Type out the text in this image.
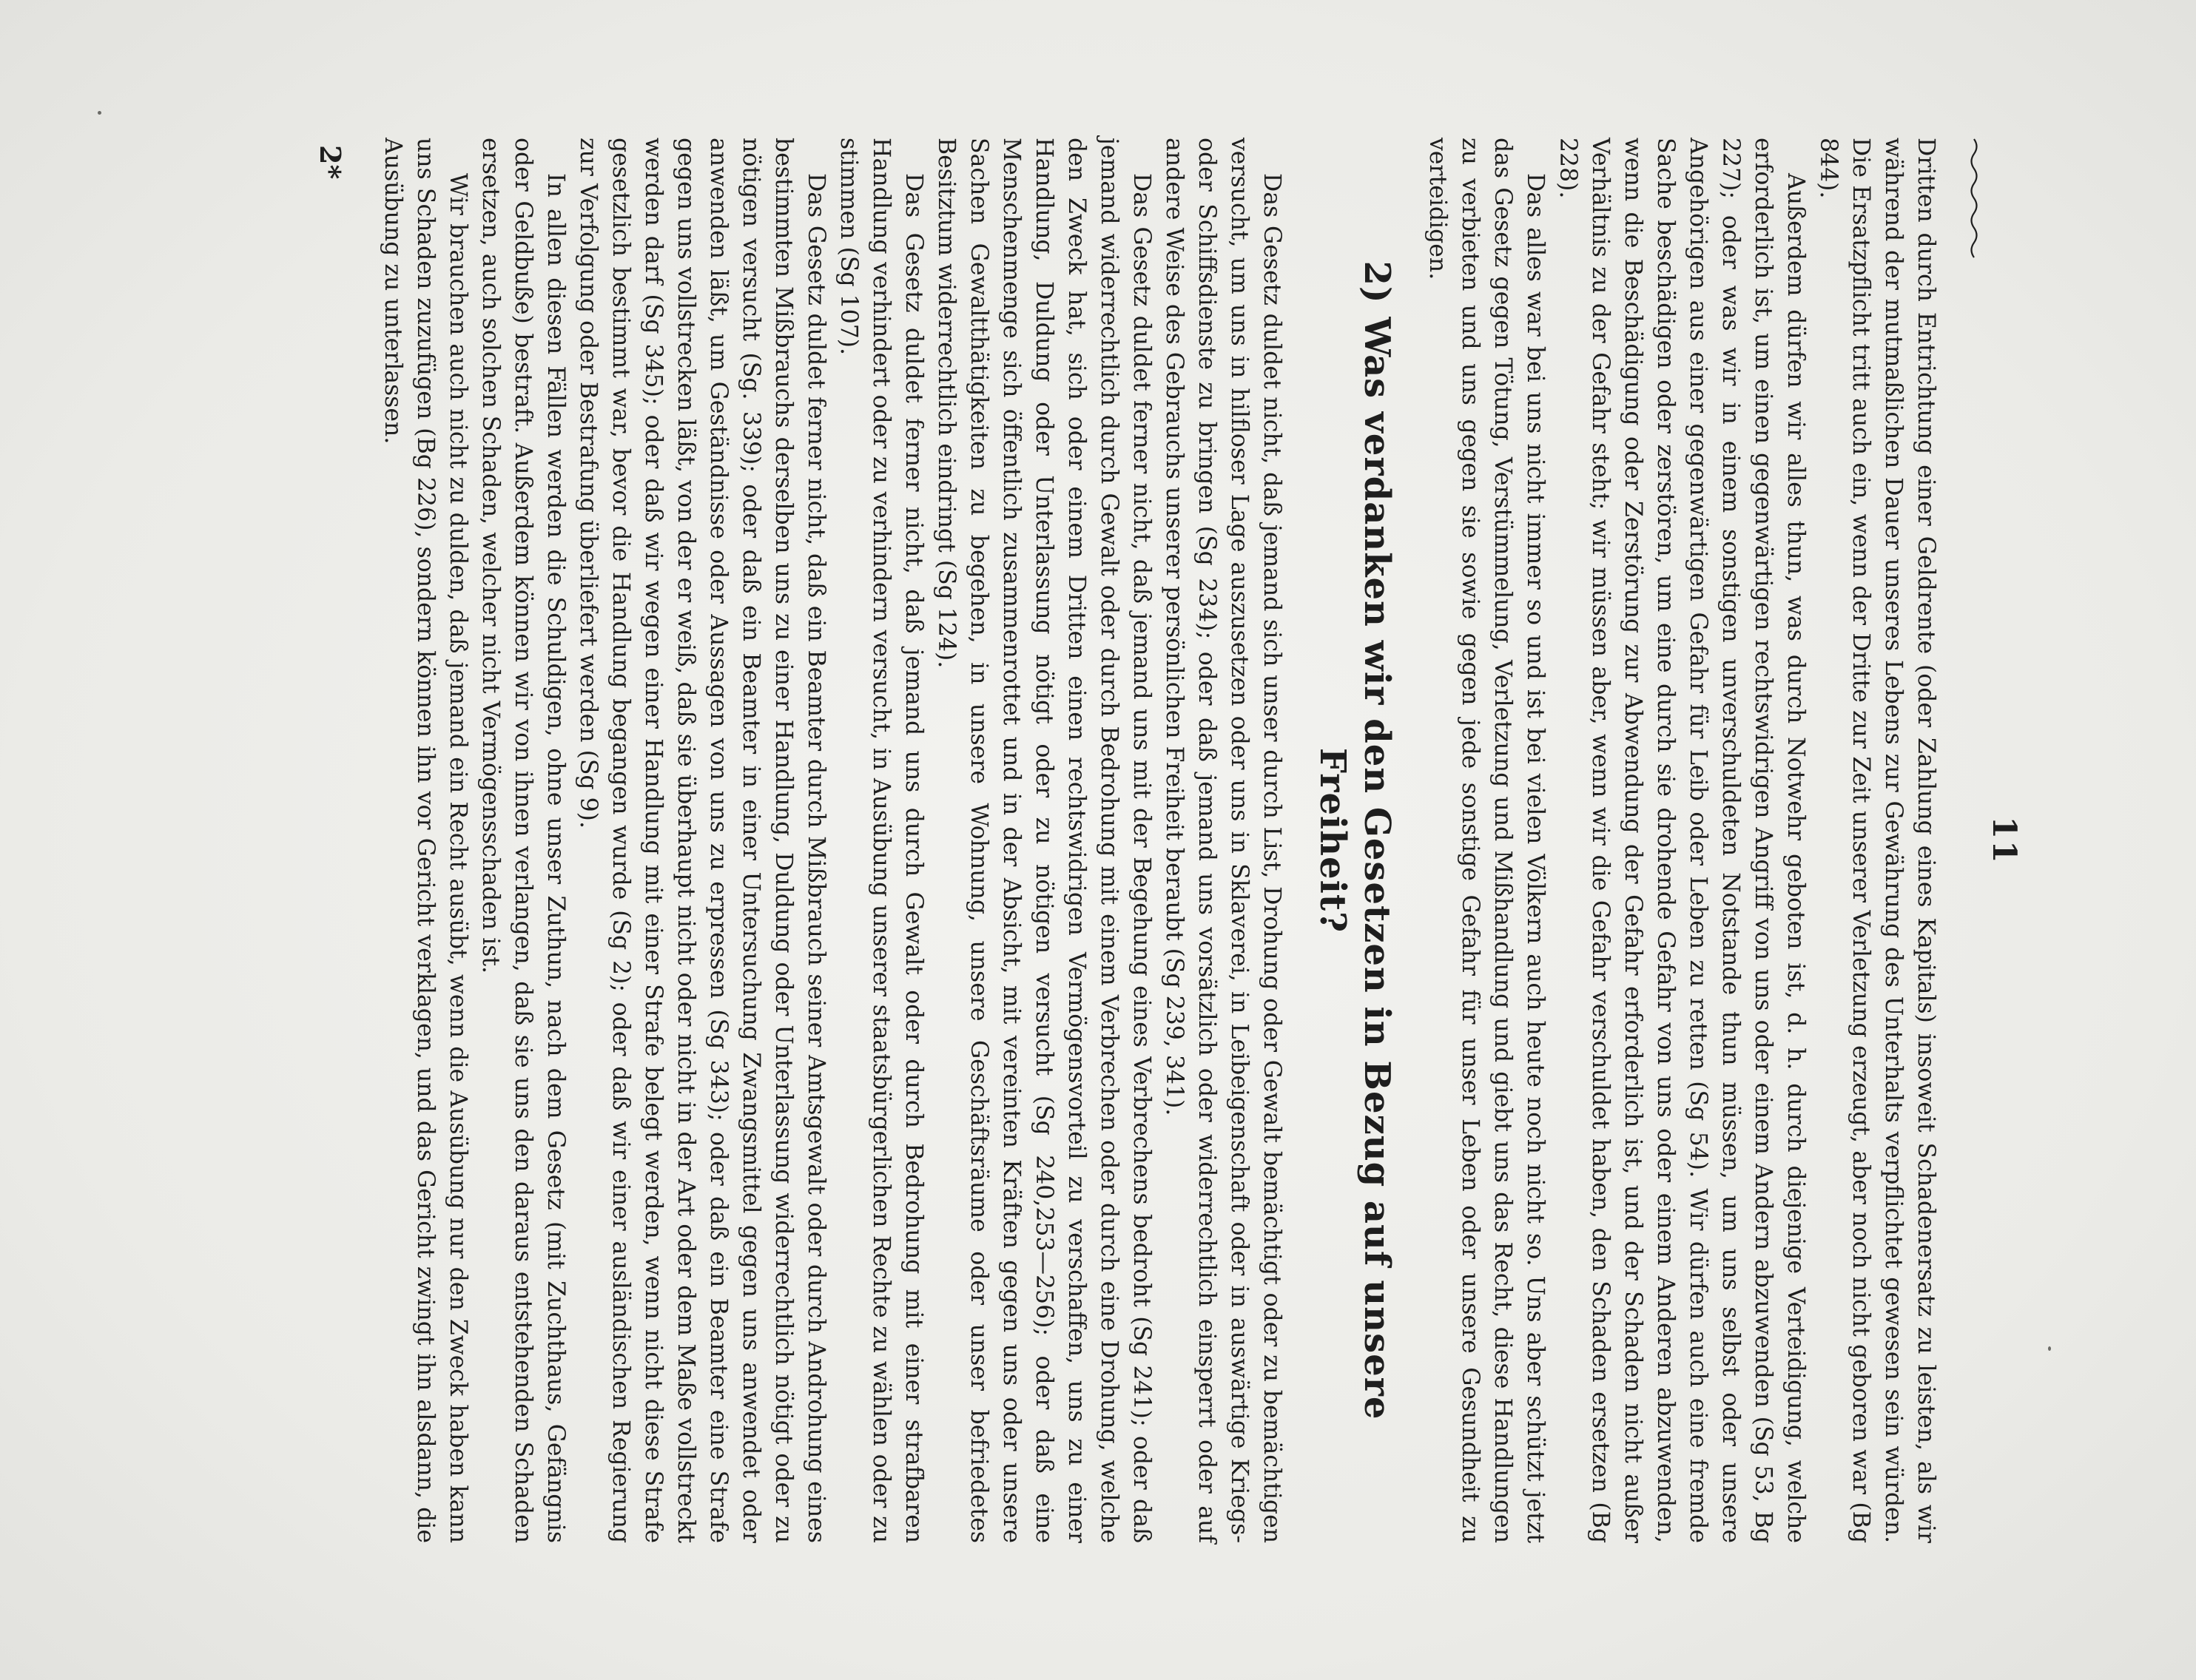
11

Dritten durch Entrichtung einer Geldrente (oder Zahlung eines Kapitals) insoweit Schadenersatz zu leisten, als wir während der mutmaßlichen Dauer unseres Lebens zur Gewährung des Unterhalts verpflichtet gewesen sein würden. Die Ersatzpflicht tritt auch ein, wenn der Dritte zur Zeit unserer Verletzung erzeugt, aber noch nicht geboren war (Bg 844).

Außerdem dürfen wir alles thun, was durch Notwehr geboten ist, d. h. durch diejenige Verteidigung, welche erforderlich ist, um einen gegenwärtigen rechtswidrigen Angriff von uns oder einem Andern abzuwenden (Sg 53, Bg 227); oder was wir in einem sonstigen unverschuldeten Notstande thun müssen, um uns selbst oder unsere Angehörigen aus einer gegenwärtigen Gefahr für Leib oder Leben zu retten (Sg 54). Wir dürfen auch eine fremde Sache beschädigen oder zerstören, um eine durch sie drohende Gefahr von uns oder einem Anderen abzuwenden, wenn die Beschädigung oder Zerstörung zur Abwendung der Gefahr erforderlich ist, und der Schaden nicht außer Verhältnis zu der Gefahr steht; wir müssen aber, wenn wir die Gefahr verschuldet haben, den Schaden ersetzen (Bg 228).

Das alles war bei uns nicht immer so und ist bei vielen Völkern auch heute noch nicht so. Uns aber schützt jetzt das Gesetz gegen Tötung, Verstümmelung, Verletzung und Mißhandlung und giebt uns das Recht, diese Handlungen zu verbieten und uns gegen sie sowie gegen jede sonstige Gefahr für unser Leben oder unsere Gesundheit zu verteidigen.

2) Was verdanken wir den Gesetzen in Bezug auf unsere Freiheit?

Das Gesetz duldet nicht, daß jemand sich unser durch List, Drohung oder Gewalt bemächtigt oder zu bemächtigen versucht, um uns in hilfloser Lage auszusetzen oder uns in Sklaverei, in Leibeigenschaft oder in auswärtige Kriegs- oder Schiffsdienste zu bringen (Sg 234); oder daß jemand uns vorsätzlich oder widerrechtlich einsperrt oder auf andere Weise des Gebrauchs unserer persönlichen Freiheit beraubt (Sg 239, 341).

Das Gesetz duldet ferner nicht, daß jemand uns mit der Begehung eines Verbrechens bedroht (Sg 241); oder daß jemand widerrechtlich durch Gewalt oder durch Bedrohung mit einem Verbrechen oder durch eine Drohung, welche den Zweck hat, sich oder einem Dritten einen rechtswidrigen Vermögensvorteil zu verschaffen, uns zu einer Handlung, Duldung oder Unterlassung nötigt oder zu nötigen versucht (Sg 240,253—256); oder daß eine Menschenmenge sich öffentlich zusammenrottet und in der Absicht, mit vereinten Kräften gegen uns oder unsere Sachen Gewaltthätigkeiten zu begehen, in unsere Wohnung, unsere Geschäftsräume oder unser befriedetes Besitztum widerrechtlich eindringt (Sg 124).

Das Gesetz duldet ferner nicht, daß jemand uns durch Gewalt oder durch Bedrohung mit einer strafbaren Handlung verhindert oder zu verhindern versucht, in Ausübung unserer staatsbürgerlichen Rechte zu wählen oder zu stimmen (Sg 107).

Das Gesetz duldet ferner nicht, daß ein Beamter durch Mißbrauch seiner Amtsgewalt oder durch Androhung eines bestimmten Mißbrauchs derselben uns zu einer Handlung, Duldung oder Unterlassung widerrechtlich nötigt oder zu nötigen versucht (Sg. 339); oder daß ein Beamter in einer Untersuchung Zwangsmittel gegen uns anwendet oder anwenden läßt, um Geständnisse oder Aussagen von uns zu erpressen (Sg 343); oder daß ein Beamter eine Strafe gegen uns vollstrecken läßt, von der er weiß, daß sie überhaupt nicht oder nicht in der Art oder dem Maße vollstreckt werden darf (Sg 345); oder daß wir wegen einer Handlung mit einer Strafe belegt werden, wenn nicht diese Strafe gesetzlich bestimmt war, bevor die Handlung begangen wurde (Sg 2); oder daß wir einer ausländischen Regierung zur Verfolgung oder Bestrafung überliefert werden (Sg 9).

In allen diesen Fällen werden die Schuldigen, ohne unser Zuthun, nach dem Gesetz (mit Zuchthaus, Gefängnis oder Geldbuße) bestraft. Außerdem können wir von ihnen verlangen, daß sie uns den daraus entstehenden Schaden ersetzen, auch solchen Schaden, welcher nicht Vermögensschaden ist.

Wir brauchen auch nicht zu dulden, daß jemand ein Recht ausübt, wenn die Ausübung nur den Zweck haben kann uns Schaden zuzufügen (Bg 226), sondern können ihn vor Gericht verklagen, und das Gericht zwingt ihn alsdann, die Ausübung zu unterlassen.

2*
